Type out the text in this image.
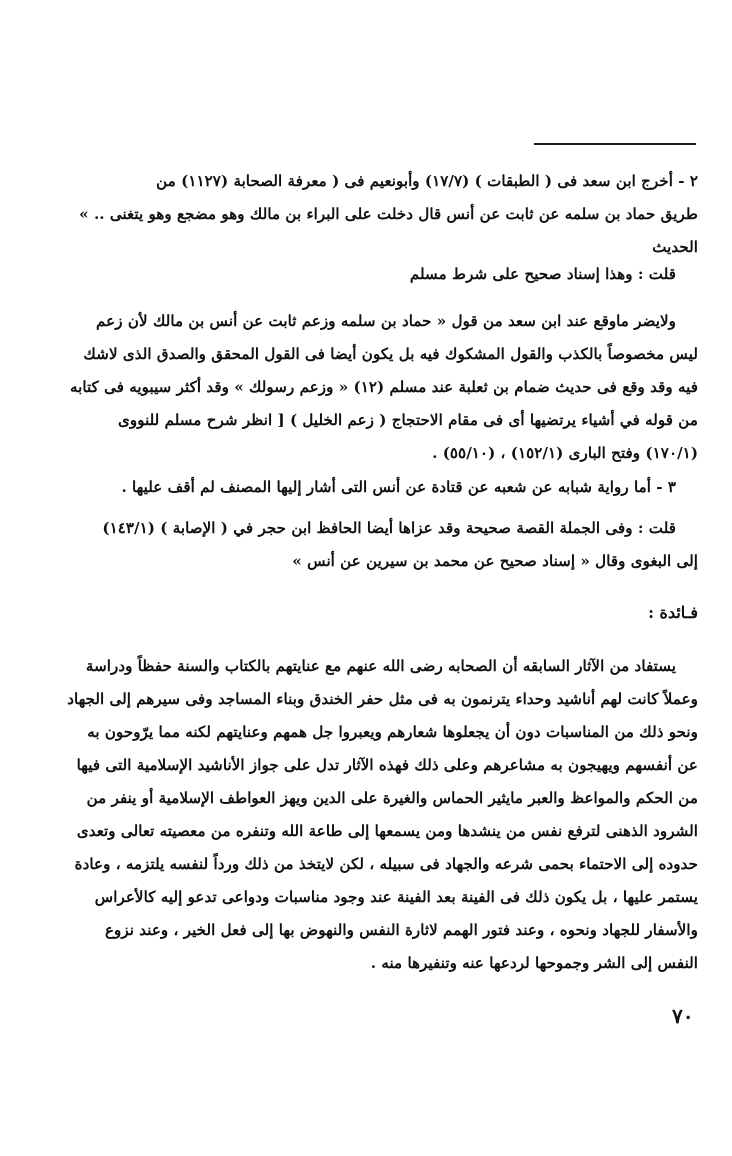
٢ - أخرج ابن سعد فى ( الطبقات ) (١٧/٧) وأبونعيم فى ( معرفة الصحابة (١١٢٧) من
طريق حماد بن سلمه عن ثابت عن أنس قال دخلت على البراء بن مالك وهو مضجع وهو يتغنى .. »
الحديث
قلت : وهذا إسناد صحيح على شرط مسلم
ولايضر ماوقع عند ابن سعد من قول « حماد بن سلمه وزعم ثابت عن أنس بن مالك لأن زعم
ليس مخصوصاً بالكذب والقول المشكوك فيه بل يكون أيضا فى القول المحقق والصدق الذى لاشك
فيه وقد وقع فى حديث ضمام بن ثعلبة عند مسلم (١٢) « وزعم رسولك » وقد أكثر سيبويه فى كتابه
من قوله في أشياء يرتضيها أى فى مقام الاحتجاج ( زعم الخليل ) [ انظر شرح مسلم للنووى
(١٧٠/١) وفتح البارى (١٥٢/١) ، (٥٥/١٠) .
٣ - أما رواية شبابه عن شعبه عن قتادة عن أنس التى أشار إليها المصنف لم أقف عليها .
قلت : وفى الجملة القصة صحيحة وقد عزاها أيضا الحافظ ابن حجر في ( الإصابة ) (١٤٣/١)
إلى البغوى وقال « إسناد صحيح عن محمد بن سيرين عن أنس »
فـائدة :
يستفاد من الآثار السابقه أن الصحابه رضى الله عنهم مع عنايتهم بالكتاب والسنة حفظاً ودراسة
وعملاً كانت لهم أناشيد وحداء يترنمون به فى مثل حفر الخندق وبناء المساجد وفى سيرهم إلى الجهاد
ونحو ذلك من المناسبات دون أن يجعلوها شعارهم ويعبروا جل همهم وعنايتهم لكنه مما يرّوحون به
عن أنفسهم ويهيجون به مشاعرهم وعلى ذلك فهذه الآثار تدل على جواز الأناشيد الإسلامية التى فيها
من الحكم والمواعظ والعبر مايثير الحماس والغيرة على الدين ويهز العواطف الإسلامية أو ينفر من
الشرود الذهنى لترفع نفس من ينشدها ومن يسمعها إلى طاعة الله وتنفره من معصيته تعالى وتعدى
حدوده إلى الاحتماء بحمى شرعه والجهاد فى سبيله ، لكن لايتخذ من ذلك ورداً لنفسه يلتزمه ، وعادة
يستمر عليها ، بل يكون ذلك فى الفينة بعد الفينة عند وجود مناسبات ودواعى تدعو إليه كالأعراس
والأسفار للجهاد ونحوه ، وعند فتور الهمم لاثارة النفس والنهوض بها إلى فعل الخير ، وعند نزوع
النفس إلى الشر وجموحها لردعها عنه وتنفيرها منه .
٧٠
